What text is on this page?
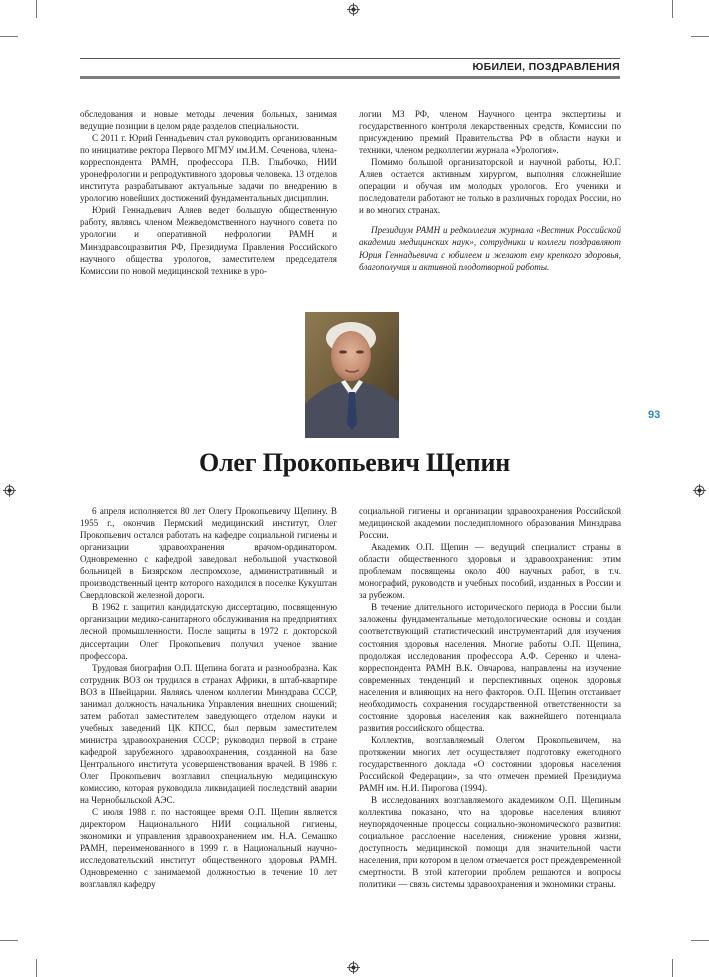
ЮБИЛЕИ, ПОЗДРАВЛЕНИЯ

обследования и новые методы лечения больных, занимая ведущие позиции в целом ряде разделов специальности.

С 2011 г. Юрий Геннадьевич стал руководить организованным по инициативе ректора Первого МГМУ им.И.М. Сеченова, члена-корреспондента РАМН, профессора П.В. Глыбочко, НИИ уронефрологии и репродуктивного здоровья человека. 13 отделов института разрабатывают актуальные задачи по внедрению в урологию новейших достижений фундаментальных дисциплин.

Юрий Геннадьевич Аляев ведет большую общественную работу, являясь членом Межведомственного научного совета по урологии и оперативной нефрологии РАМН и Минздравсоцразвития РФ, Президиума Правления Российского научного общества урологов, заместителем председателя Комиссии по новой медицинской технике в уро-

логии МЗ РФ, членом Научного центра экспертизы и государственного контроля лекарственных средств, Комиссии по присуждению премий Правительства РФ в области науки и техники, членом редколлегии журнала «Урология».

Помимо большой организаторской и научной работы, Ю.Г. Аляев остается активным хирургом, выполняя сложнейшие операции и обучая им молодых урологов. Его ученики и последователи работают не только в различных городах России, но и во многих странах.

Президиум РАМН и редколлегия журнала «Вестник Российской академии медицинских наук», сотрудники и коллеги поздравляют Юрия Геннадьевича с юбилеем и желают ему крепкого здоровья, благополучия и активной плодотворной работы.

Олег Прокопьевич Щепин
93

6 апреля исполняется 80 лет Олегу Прокопьевичу Щепину. В 1955 г., окончив Пермский медицинский институт, Олег Прокопьевич остался работать на кафедре социальной гигиены и организации здравоохранения врачом-ординатором. Одновременно с кафедрой заведовал небольшой участковой больницей в Бизярском леспромхозе, административный и производственный центр которого находился в поселке Кукуштан Свердловской железной дороги.

В 1962 г. защитил кандидатскую диссертацию, посвященную организации медико-санитарного обслуживания на предприятиях лесной промышленности. После защиты в 1972 г. докторской диссертации Олег Прокопьевич получил ученое звание профессора.

Трудовая биография О.П. Щепина богата и разнообразна. Как сотрудник ВОЗ он трудился в странах Африки, в штаб-квартире ВОЗ в Швейцарии. Являясь членом коллегии Минздрава СССР, занимал должность начальника Управления внешних сношений; затем работал заместителем заведующего отделом науки и учебных заведений ЦК КПСС, был первым заместителем министра здравоохранения СССР; руководил первой в стране кафедрой зарубежного здравоохранения, созданной на базе Центрального института усовершенствования врачей. В 1986 г. Олег Прокопьевич возглавил специальную медицинскую комиссию, которая руководила ликвидацией последствий аварии на Чернобыльской АЭС.

С июля 1988 г. по настоящее время О.П. Щепин является директором Национального НИИ социальной гигиены, экономики и управления здравоохранением им. Н.А. Семашко РАМН, переименованного в 1999 г. в Национальный научно-исследовательский институт общественного здоровья РАМН. Одновременно с занимаемой должностью в течение 10 лет возглавлял кафедру

социальной гигиены и организации здравоохранения Российской медицинской академии последипломного образования Минздрава России.

Академик О.П. Щепин — ведущий специалист страны в области общественного здоровья и здравоохранения: этим проблемам посвящены около 400 научных работ, в т.ч. монографий, руководств и учебных пособий, изданных в России и за рубежом.

В течение длительного исторического периода в России были заложены фундаментальные методологические основы и создан соответствующий статистический инструментарий для изучения состояния здоровья населения. Многие работы О.П. Щепина, продолжая исследования профессора А.Ф. Серенко и члена-корреспондента РАМН В.К. Овчарова, направлены на изучение современных тенденций и перспективных оценок здоровья населения и влияющих на него факторов. О.П. Щепин отстаивает необходимость сохранения государственной ответственности за состояние здоровья населения как важнейшего потенциала развития российского общества.

Коллектив, возглавляемый Олегом Прокопьевичем, на протяжении многих лет осуществляет подготовку ежегодного государственного доклада «О состоянии здоровья населения Российской Федерации», за что отмечен премией Президиума РАМН им. Н.И. Пирогова (1994).

В исследованиях возглавляемого академиком О.П. Щепиным коллектива показано, что на здоровье населения влияют неупорядоченные процессы социально-экономического развития: социальное расслоение населения, снижение уровня жизни, доступность медицинской помощи для значительной части населения, при котором в целом отмечается рост преждевременной смертности. В этой категории проблем решаются и вопросы политики — связь системы здравоохранения и экономики страны.
